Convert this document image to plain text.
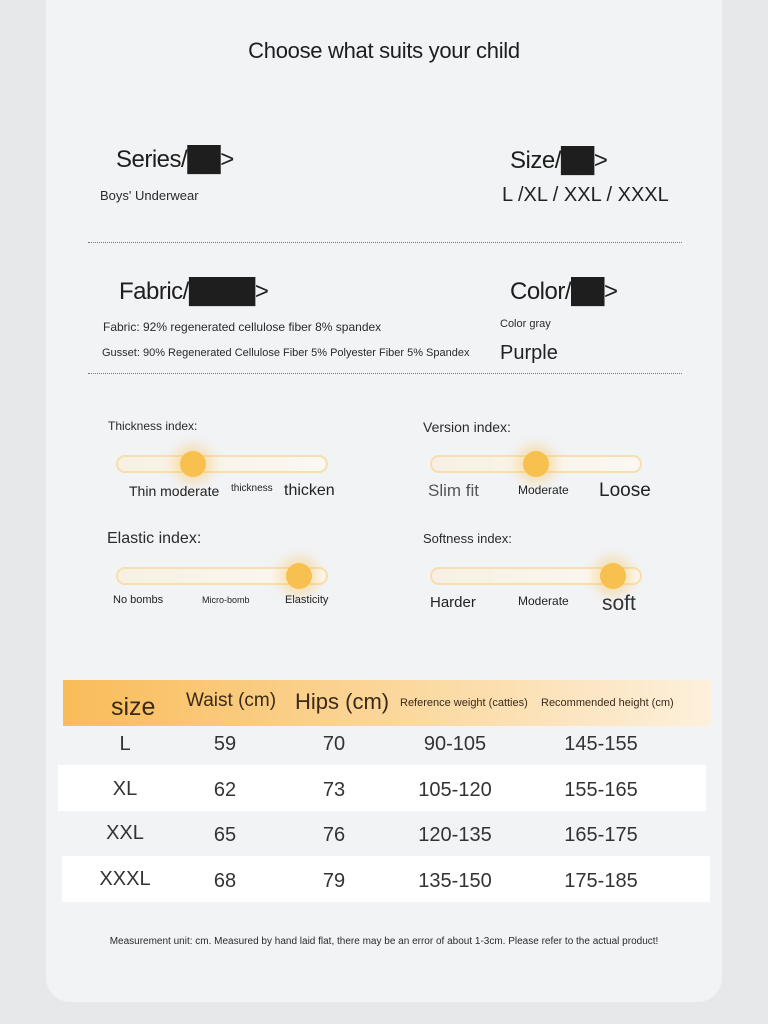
Choose what suits your child
Series/██>
Boys' Underwear
Size/██>
L /XL / XXL / XXXL
Fabric/████>
Fabric: 92% regenerated cellulose fiber 8% spandex
Gusset: 90% Regenerated Cellulose Fiber 5% Polyester Fiber 5% Spandex
Color/██>
Color gray
Purple
Thickness index:
Thin moderate thickness thicken
Version index:
Slim fit	Moderate Loose
Elastic index:
No bombs	Micro-bomb	Elasticity
Softness index:
Harder	Moderate soft
size Waist (cm) Hips (cm) Reference weight (catties) Recommended height (cm)
L	59	70	90-105	145-155
XL	62	73	105-120	155-165
XXL	65	76	120-135	165-175
XXXL	68	79	135-150	175-185
Measurement unit: cm. Measured by hand laid flat, there may be an error of about 1-3cm. Please refer to the actual product!
